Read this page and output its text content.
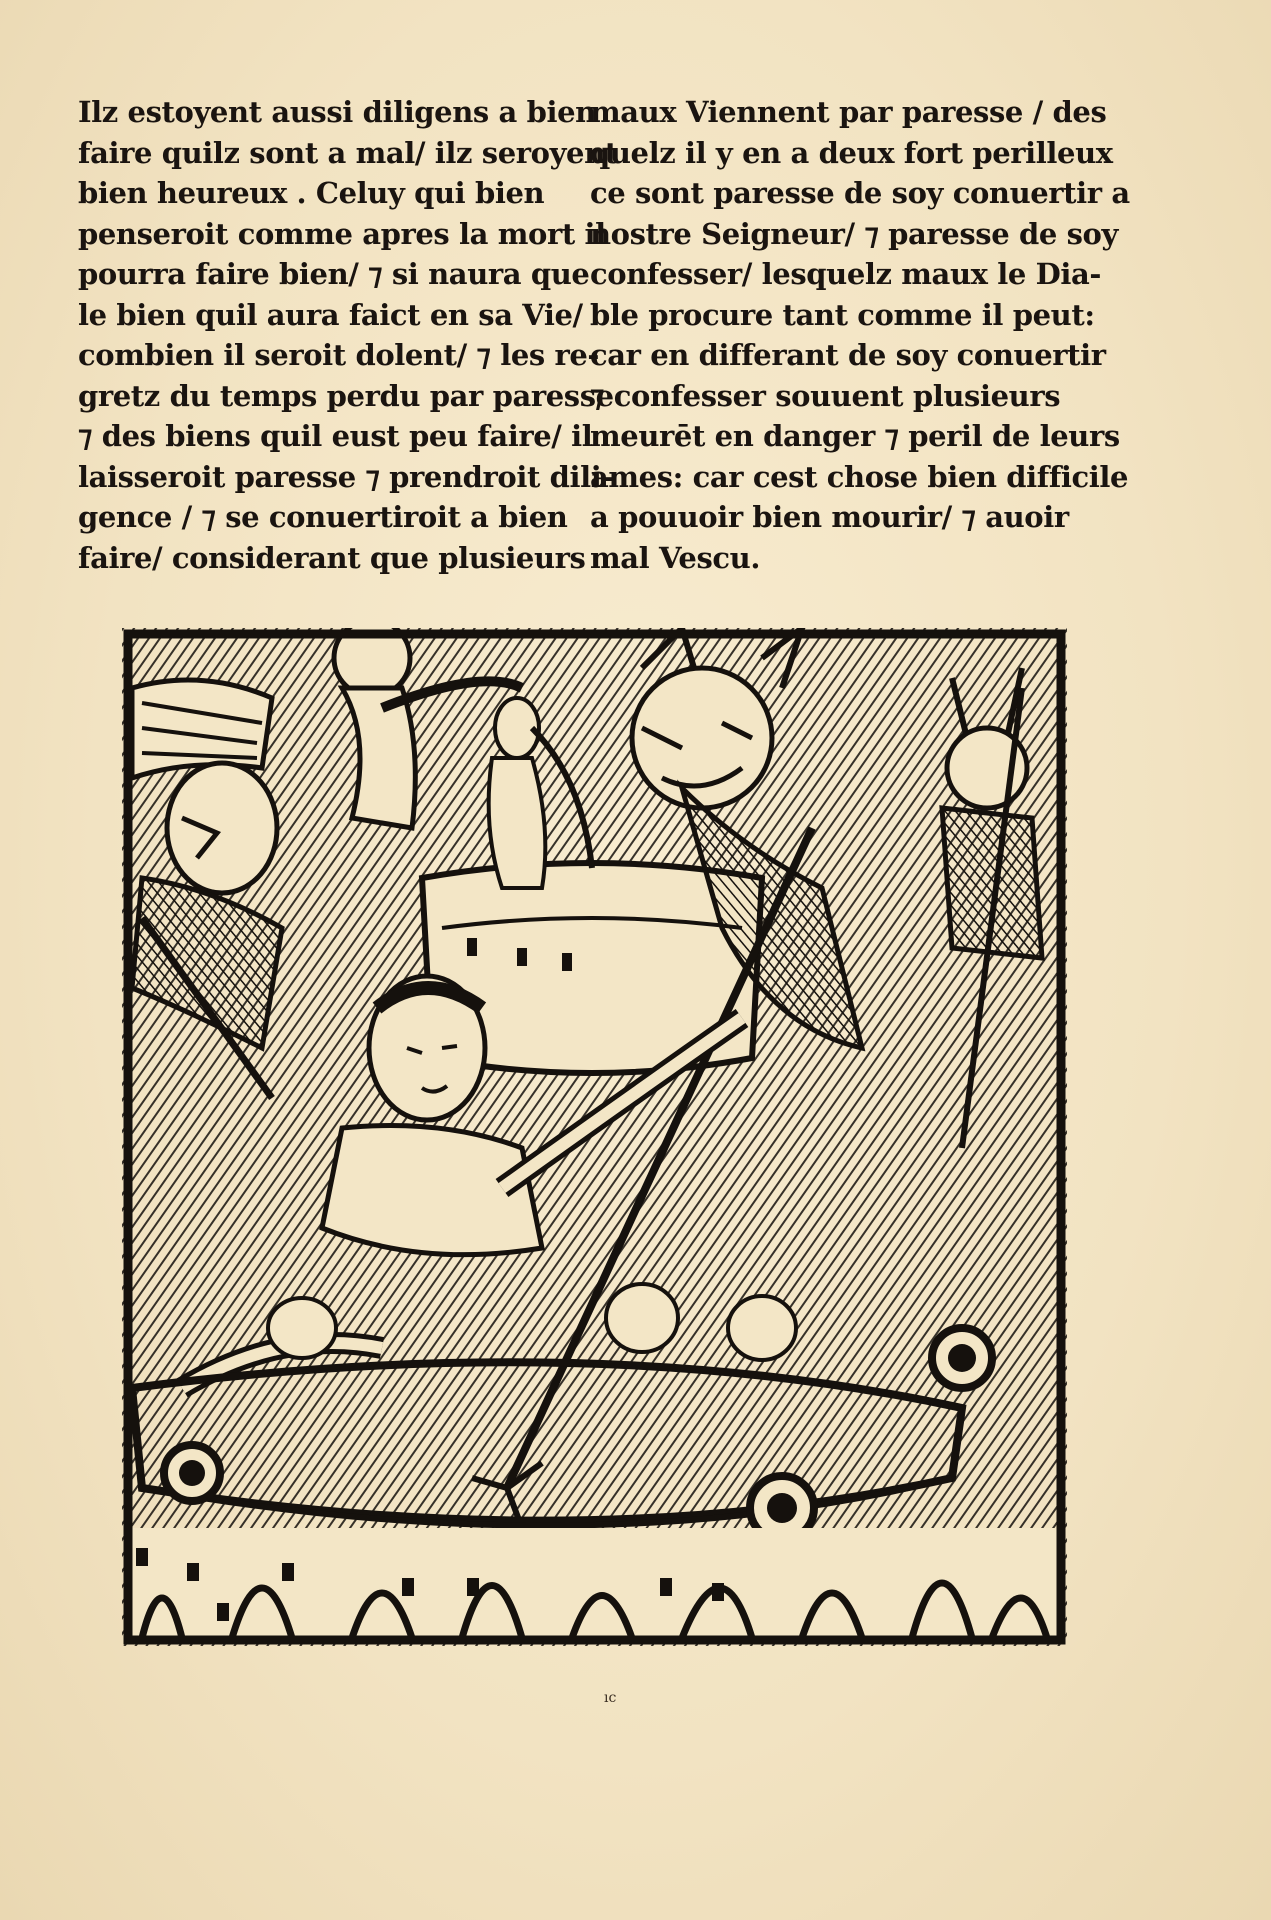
Ilz estoyent aussi diligens a bien
faire quilz sont a mal/ ilz seroyent
bien heureux . Celuy qui bien
penseroit comme apres la mort il
pourra faire bien/ ⁊ si naura que
le bien quil aura faict en sa Vie/
combien il seroit dolent/ ⁊ les re-
gretz du temps perdu par paresse
⁊ des biens quil eust peu faire/ il
laisseroit paresse ⁊ prendroit dili-
gence / ⁊ se conuertiroit a bien
faire/ considerant que plusieurs
maux Viennent par paresse / des
quelz il y en a deux fort perilleux
ce sont paresse de soy conuertir a
nostre Seigneur/ ⁊ paresse de soy
confesser/ lesquelz maux le Dia-
ble procure tant comme il peut:
car en differant de soy conuertir
⁊ confesser souuent plusieurs
meurēt en danger ⁊ peril de leurs
ames: car cest chose bien difficile
a pouuoir bien mourir/ ⁊ auoir
mal Vescu.
ıc
